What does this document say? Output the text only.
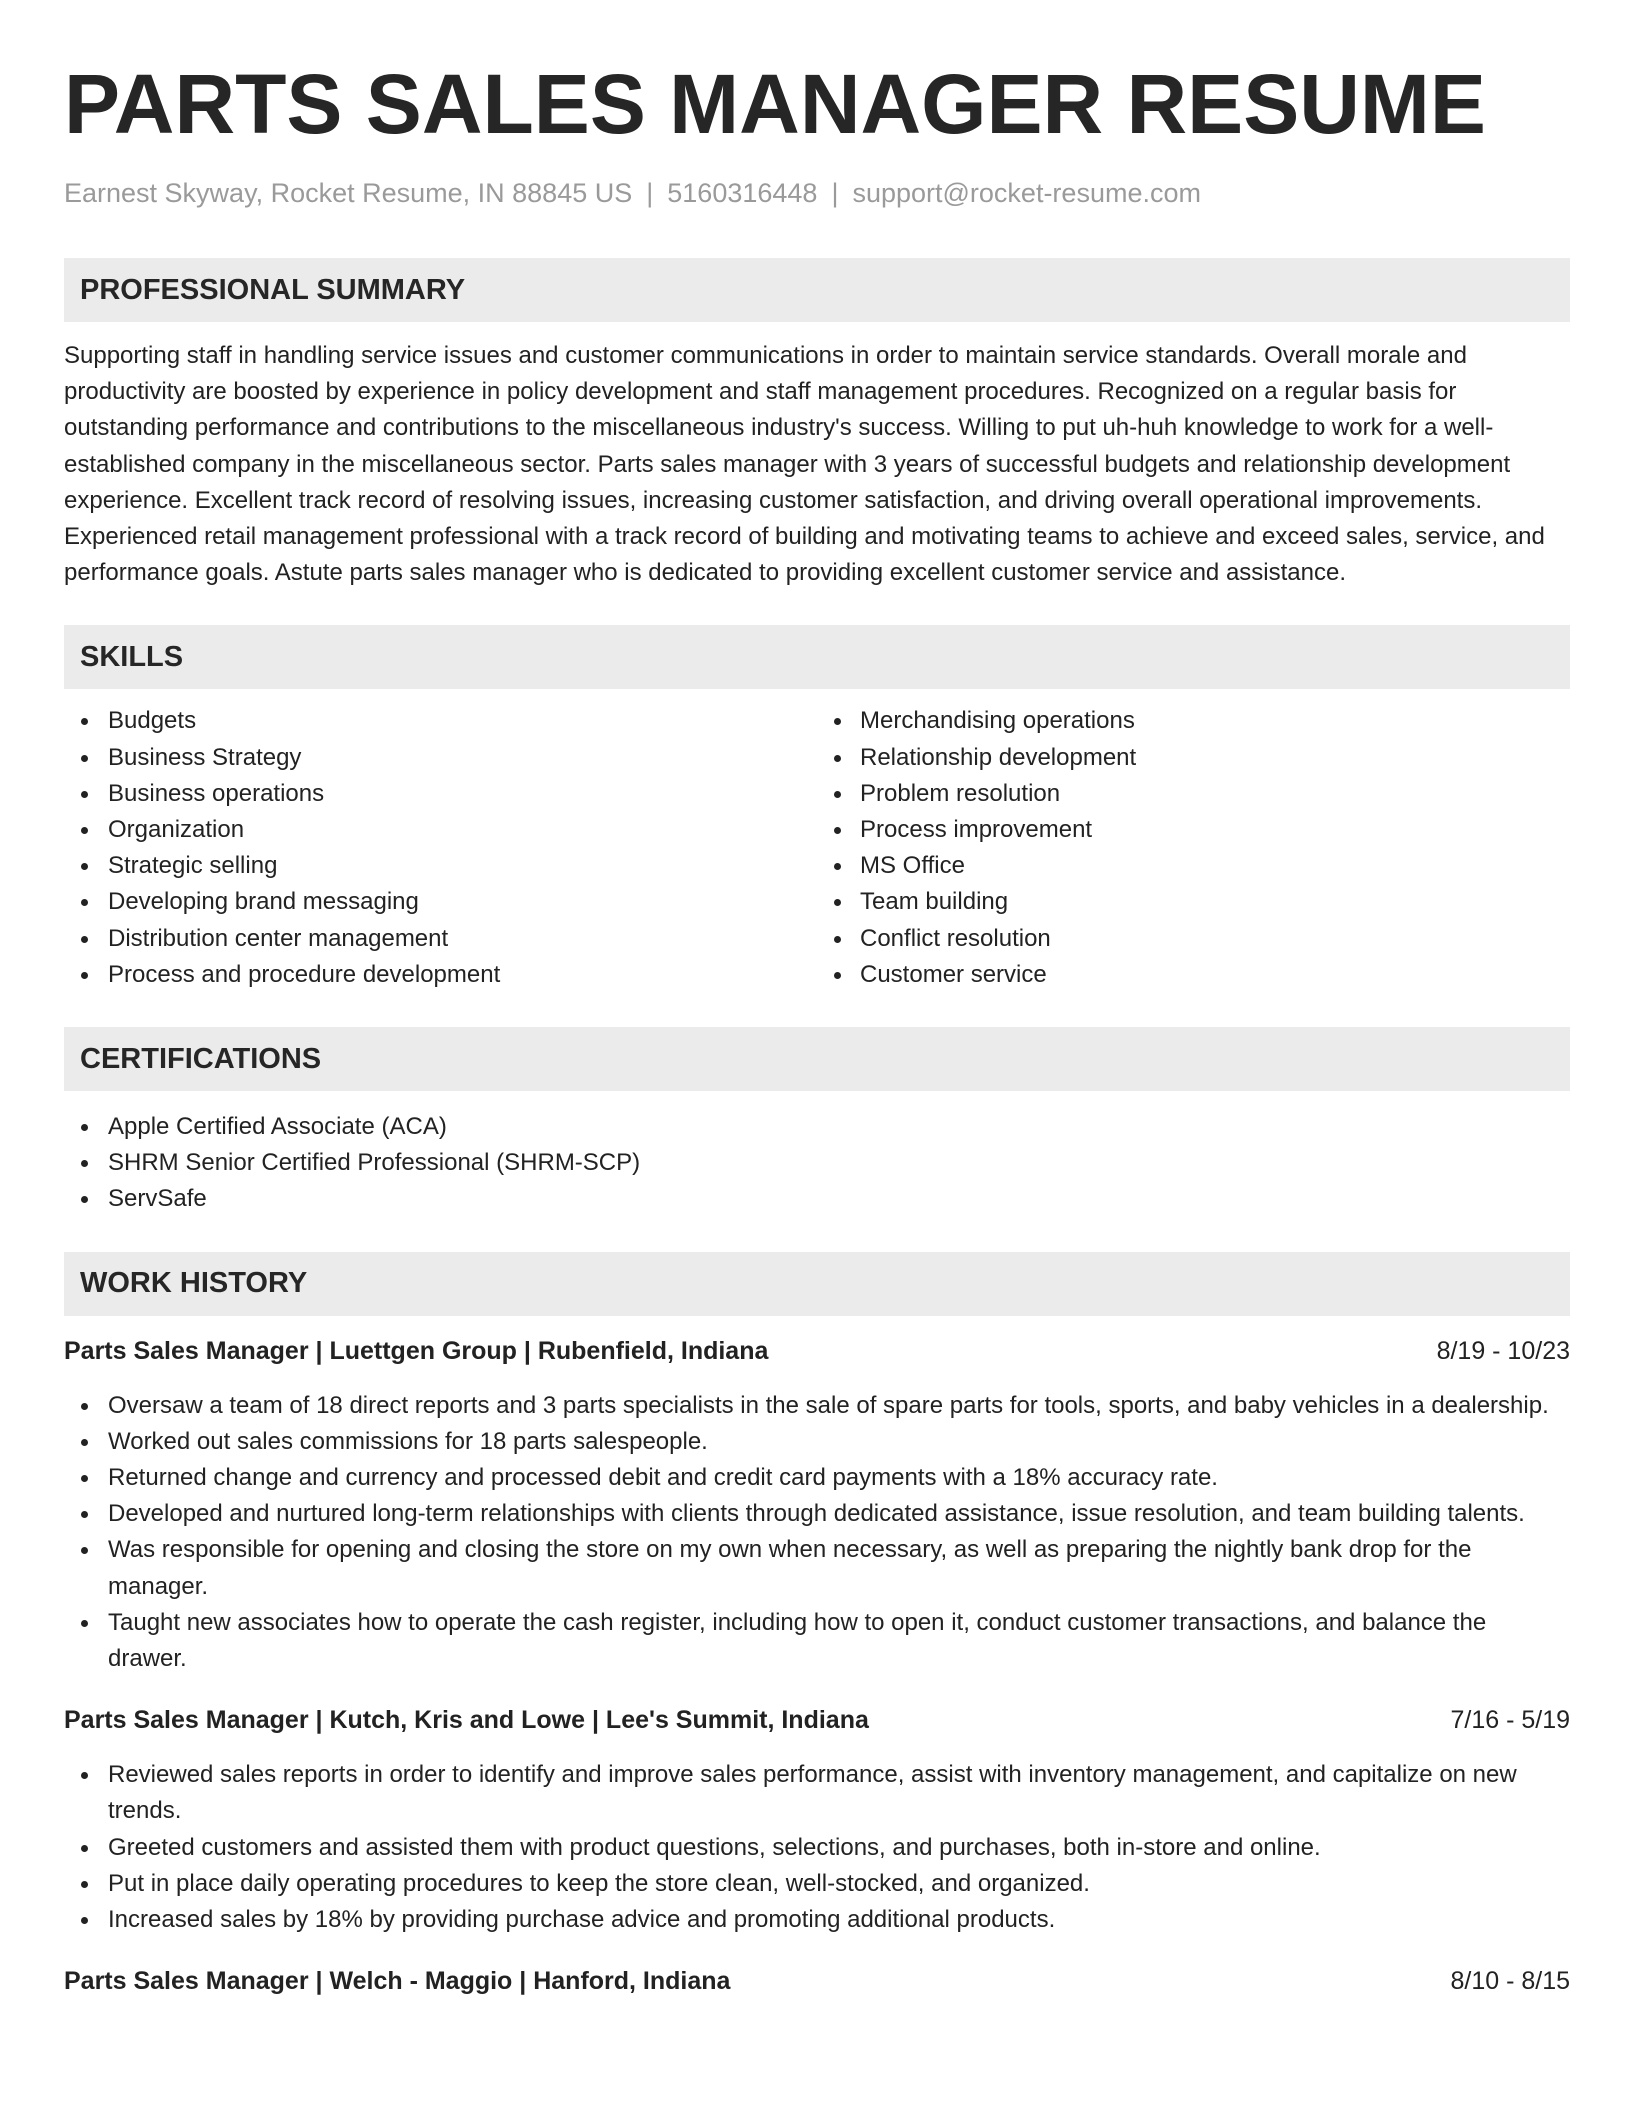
PARTS SALES MANAGER RESUME
Earnest Skyway, Rocket Resume, IN 88845 US | 5160316448 | support@rocket-resume.com
PROFESSIONAL SUMMARY
Supporting staff in handling service issues and customer communications in order to maintain service standards. Overall morale and productivity are boosted by experience in policy development and staff management procedures. Recognized on a regular basis for outstanding performance and contributions to the miscellaneous industry's success. Willing to put uh-huh knowledge to work for a well-established company in the miscellaneous sector. Parts sales manager with 3 years of successful budgets and relationship development experience. Excellent track record of resolving issues, increasing customer satisfaction, and driving overall operational improvements. Experienced retail management professional with a track record of building and motivating teams to achieve and exceed sales, service, and performance goals. Astute parts sales manager who is dedicated to providing excellent customer service and assistance.
SKILLS
Budgets
Business Strategy
Business operations
Organization
Strategic selling
Developing brand messaging
Distribution center management
Process and procedure development
Merchandising operations
Relationship development
Problem resolution
Process improvement
MS Office
Team building
Conflict resolution
Customer service
CERTIFICATIONS
Apple Certified Associate (ACA)
SHRM Senior Certified Professional (SHRM-SCP)
ServSafe
WORK HISTORY
Parts Sales Manager | Luettgen Group | Rubenfield, Indiana	8/19 - 10/23
Oversaw a team of 18 direct reports and 3 parts specialists in the sale of spare parts for tools, sports, and baby vehicles in a dealership.
Worked out sales commissions for 18 parts salespeople.
Returned change and currency and processed debit and credit card payments with a 18% accuracy rate.
Developed and nurtured long-term relationships with clients through dedicated assistance, issue resolution, and team building talents.
Was responsible for opening and closing the store on my own when necessary, as well as preparing the nightly bank drop for the manager.
Taught new associates how to operate the cash register, including how to open it, conduct customer transactions, and balance the drawer.
Parts Sales Manager | Kutch, Kris and Lowe | Lee's Summit, Indiana	7/16 - 5/19
Reviewed sales reports in order to identify and improve sales performance, assist with inventory management, and capitalize on new trends.
Greeted customers and assisted them with product questions, selections, and purchases, both in-store and online.
Put in place daily operating procedures to keep the store clean, well-stocked, and organized.
Increased sales by 18% by providing purchase advice and promoting additional products.
Parts Sales Manager | Welch - Maggio | Hanford, Indiana	8/10 - 8/15
